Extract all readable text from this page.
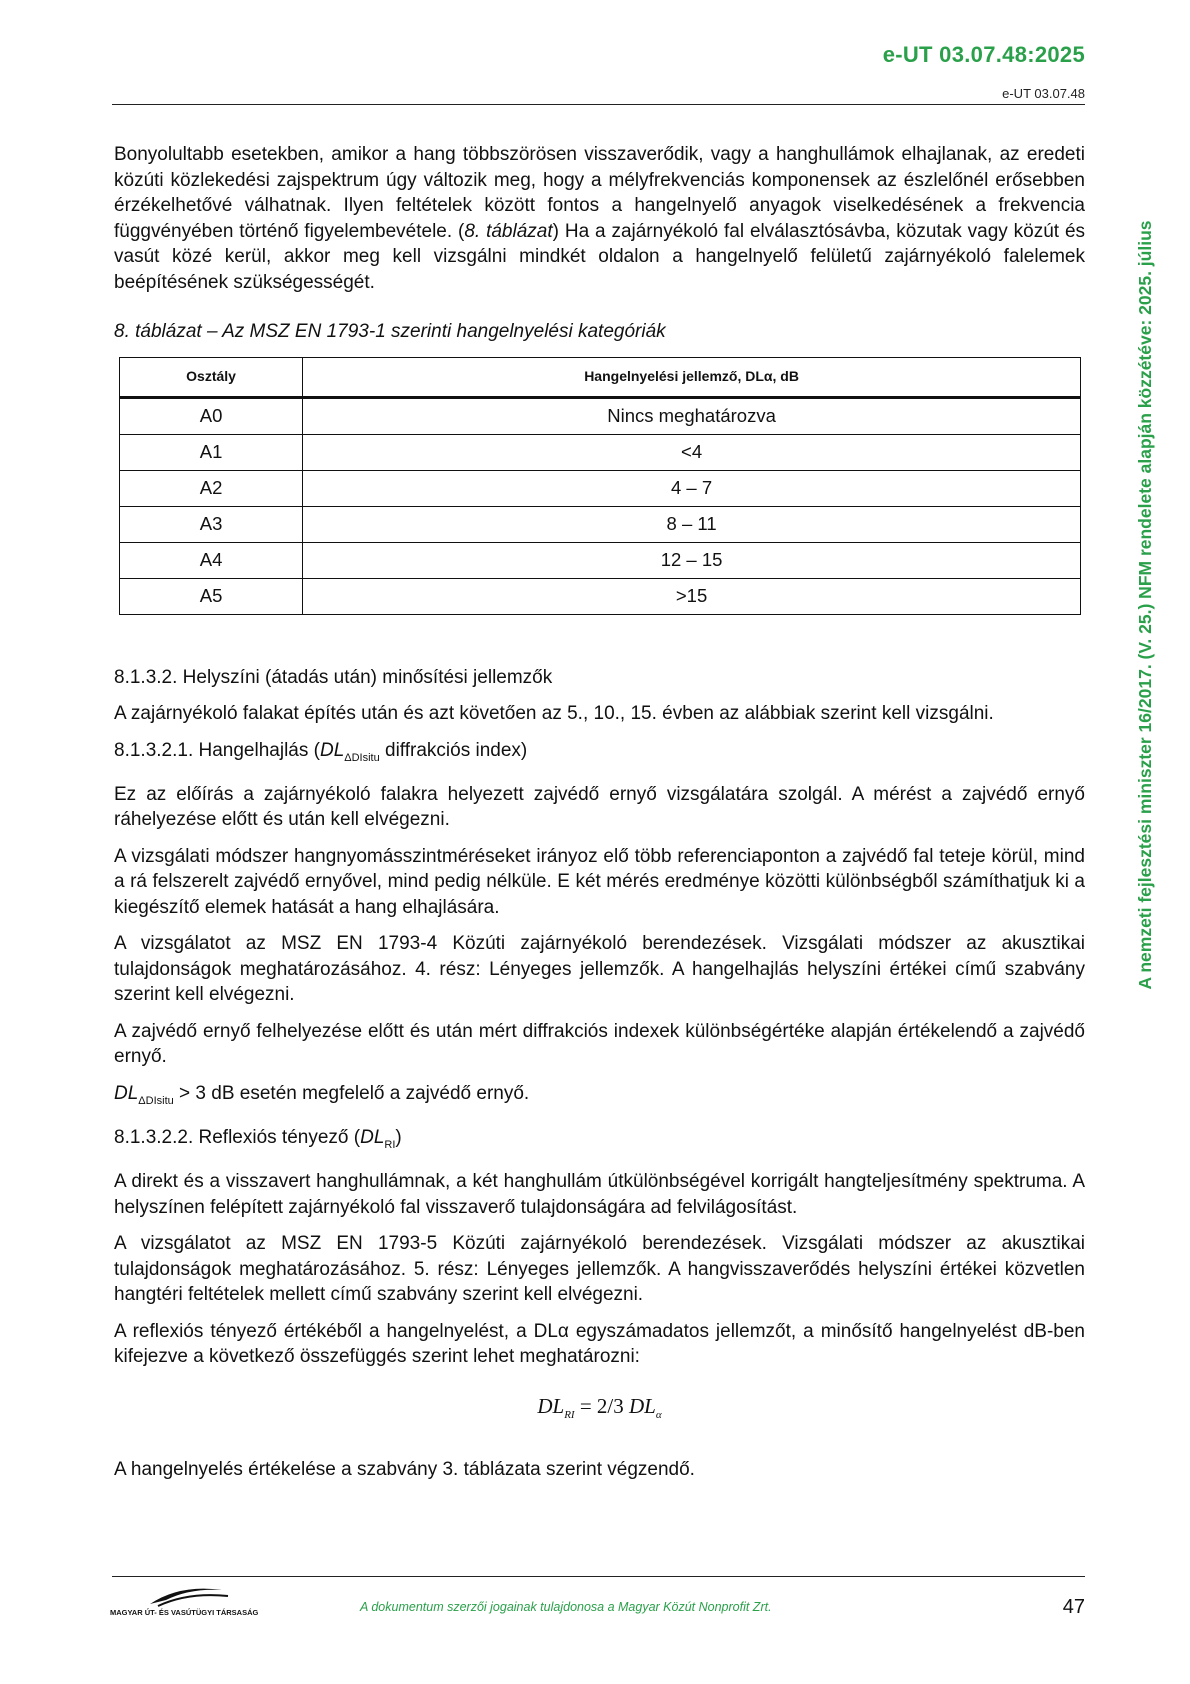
e-UT 03.07.48:2025
e-UT 03.07.48
A nemzeti fejlesztési miniszter 16/2017. (V. 25.) NFM rendelete alapján közzétéve: 2025. július

Bonyolultabb esetekben, amikor a hang többszörösen visszaverődik, vagy a hanghullámok elhajlanak, az eredeti közúti közlekedési zajspektrum úgy változik meg, hogy a mélyfrekvenciás komponensek az észlelőnél erősebben érzékelhetővé válhatnak. Ilyen feltételek között fontos a hangelnyelő anyagok viselkedésének a frekvencia függvényében történő figyelembevétele. (8. táblázat) Ha a zajárnyékoló fal elválasztósávba, közutak vagy közút és vasút közé kerül, akkor meg kell vizsgálni mindkét oldalon a hangelnyelő felületű zajárnyékoló falelemek beépítésének szükségességét.

8. táblázat – Az MSZ EN 1793-1 szerinti hangelnyelési kategóriák

Osztály	Hangelnyelési jellemző, DLα, dB
A0	Nincs meghatározva
A1	<4
A2	4 – 7
A3	8 – 11
A4	12 – 15
A5	>15

8.1.3.2. Helyszíni (átadás után) minősítési jellemzők

A zajárnyékoló falakat építés után és azt követően az 5., 10., 15. évben az alábbiak szerint kell vizsgálni.

8.1.3.2.1. Hangelhajlás ($DL_{\Delta DIsitu}$ diffrakciós index)

Ez az előírás a zajárnyékoló falakra helyezett zajvédő ernyő vizsgálatára szolgál. A mérést a zajvédő ernyő ráhelyezése előtt és után kell elvégezni.

A vizsgálati módszer hangnyomásszintméréseket irányoz elő több referenciaponton a zajvédő fal teteje körül, mind a rá felszerelt zajvédő ernyővel, mind pedig nélküle. E két mérés eredménye közötti különbségből számíthatjuk ki a kiegészítő elemek hatását a hang elhajlására.

A vizsgálatot az MSZ EN 1793-4 Közúti zajárnyékoló berendezések. Vizsgálati módszer az akusztikai tulajdonságok meghatározásához. 4. rész: Lényeges jellemzők. A hangelhajlás helyszíni értékei című szabvány szerint kell elvégezni.

A zajvédő ernyő felhelyezése előtt és után mért diffrakciós indexek különbségértéke alapján értékelendő a zajvédő ernyő.

$DL_{\Delta DIsitu} > 3$ dB esetén megfelelő a zajvédő ernyő.

8.1.3.2.2. Reflexiós tényező $(DL_{RI})$

A direkt és a visszavert hanghullámnak, a két hanghullám útkülönbségével korrigált hangteljesítmény spektruma. A helyszínen felépített zajárnyékoló fal visszaverő tulajdonságára ad felvilágosítást.

A vizsgálatot az MSZ EN 1793-5 Közúti zajárnyékoló berendezések. Vizsgálati módszer az akusztikai tulajdonságok meghatározásához. 5. rész: Lényeges jellemzők. A hangvisszaverődés helyszíni értékei közvetlen hangtéri feltételek mellett című szabvány szerint kell elvégezni.

A reflexiós tényező értékéből a hangelnyelést, a DLα egyszámadatos jellemzőt, a minősítő hangelnyelést dB-ben kifejezve a következő összefüggés szerint lehet meghatározni:

$DL_{RI} = 2/3$ $DL_\alpha$

A hangelnyelés értékelése a szabvány 3. táblázata szerint végzendő.

MAGYAR ÚT- ÉS VASÚTÜGYI TÁRSASÁG	A dokumentum szerzői jogainak tulajdonosa a Magyar Közút Nonprofit Zrt.	47
